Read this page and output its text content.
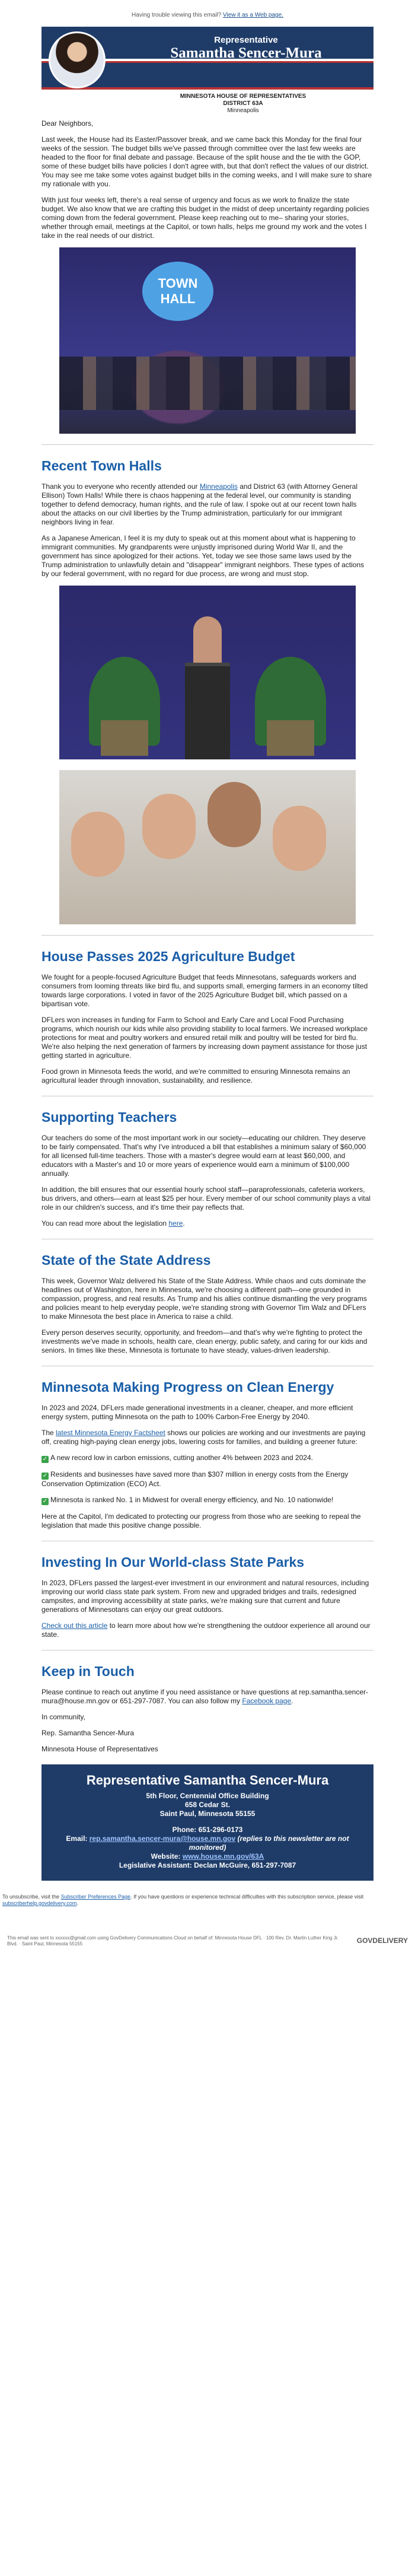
Having trouble viewing this email? View it as a Web page.
Representative
Samantha Sencer-Mura
MINNESOTA HOUSE OF REPRESENTATIVES
DISTRICT 63A
Minneapolis

Dear Neighbors,

Last week, the House had its Easter/Passover break, and we came back this Monday for the final four weeks of the session. The budget bills we've passed through committee over the last few weeks are headed to the floor for final debate and passage. Because of the split house and the tie with the GOP, some of these budget bills have policies I don't agree with, but that don't reflect the values of our district. You may see me take some votes against budget bills in the coming weeks, and I will make sure to share my rationale with you.

With just four weeks left, there's a real sense of urgency and focus as we work to finalize the state budget. We also know that we are crafting this budget in the midst of deep uncertainty regarding policies coming down from the federal government. Please keep reaching out to me– sharing your stories, whether through email, meetings at the Capitol, or town halls, helps me ground my work and the votes I take in the real needs of our district.

TOWN HALL
Recent Town Halls

Thank you to everyone who recently attended our Minneapolis and District 63 (with Attorney General Ellison) Town Halls! While there is chaos happening at the federal level, our community is standing together to defend democracy, human rights, and the rule of law. I spoke out at our recent town halls about the attacks on our civil liberties by the Trump administration, particularly for our immigrant neighbors living in fear.

As a Japanese American, I feel it is my duty to speak out at this moment about what is happening to immigrant communities. My grandparents were unjustly imprisoned during World War II, and the government has since apologized for their actions. Yet, today we see those same laws used by the Trump administration to unlawfully detain and "disappear" immigrant neighbors. These types of actions by our federal government, with no regard for due process, are wrong and must stop.

House Passes 2025 Agriculture Budget

We fought for a people-focused Agriculture Budget that feeds Minnesotans, safeguards workers and consumers from looming threats like bird flu, and supports small, emerging farmers in an economy tilted towards large corporations. I voted in favor of the 2025 Agriculture Budget bill, which passed on a bipartisan vote.

DFLers won increases in funding for Farm to School and Early Care and Local Food Purchasing programs, which nourish our kids while also providing stability to local farmers. We increased workplace protections for meat and poultry workers and ensured retail milk and poultry will be tested for bird flu. We're also helping the next generation of farmers by increasing down payment assistance for those just getting started in agriculture.

Food grown in Minnesota feeds the world, and we're committed to ensuring Minnesota remains an agricultural leader through innovation, sustainability, and resilience.

Supporting Teachers

Our teachers do some of the most important work in our society—educating our children. They deserve to be fairly compensated. That's why I've introduced a bill that establishes a minimum salary of $60,000 for all licensed full-time teachers. Those with a master's degree would earn at least $60,000, and educators with a Master's and 10 or more years of experience would earn a minimum of $100,000 annually.

In addition, the bill ensures that our essential hourly school staff—paraprofessionals, cafeteria workers, bus drivers, and others—earn at least $25 per hour. Every member of our school community plays a vital role in our children's success, and it's time their pay reflects that.

You can read more about the legislation here.

State of the State Address

This week, Governor Walz delivered his State of the State Address. While chaos and cuts dominate the headlines out of Washington, here in Minnesota, we're choosing a different path—one grounded in compassion, progress, and real results. As Trump and his allies continue dismantling the very programs and policies meant to help everyday people, we're standing strong with Governor Tim Walz and DFLers to make Minnesota the best place in America to raise a child.

Every person deserves security, opportunity, and freedom—and that's why we're fighting to protect the investments we've made in schools, health care, clean energy, public safety, and caring for our kids and seniors. In times like these, Minnesota is fortunate to have steady, values-driven leadership.

Minnesota Making Progress on Clean Energy

In 2023 and 2024, DFLers made generational investments in a cleaner, cheaper, and more efficient energy system, putting Minnesota on the path to 100% Carbon-Free Energy by 2040.

The latest Minnesota Energy Factsheet shows our policies are working and our investments are paying off, creating high-paying clean energy jobs, lowering costs for families, and building a greener future:

✓ A new record low in carbon emissions, cutting another 4% between 2023 and 2024.

✓ Residents and businesses have saved more than $307 million in energy costs from the Energy Conservation Optimization (ECO) Act.

✓ Minnesota is ranked No. 1 in Midwest for overall energy efficiency, and No. 10 nationwide!

Here at the Capitol, I'm dedicated to protecting our progress from those who are seeking to repeal the legislation that made this positive change possible.

Investing In Our World-class State Parks

In 2023, DFLers passed the largest-ever investment in our environment and natural resources, including improving our world class state park system. From new and upgraded bridges and trails, redesigned campsites, and improving accessibility at state parks, we're making sure that current and future generations of Minnesotans can enjoy our great outdoors.

Check out this article to learn more about how we're strengthening the outdoor experience all around our state.

Keep in Touch

Please continue to reach out anytime if you need assistance or have questions at rep.samantha.sencer-mura@house.mn.gov or 651-297-7087. You can also follow my Facebook page.

In community,

Rep. Samantha Sencer-Mura

Minnesota House of Representatives

Representative Samantha Sencer-Mura
5th Floor, Centennial Office Building
658 Cedar St.
Saint Paul, Minnesota 55155
Phone: 651-296-0173
Email: rep.samantha.sencer-mura@house.mn.gov (replies to this newsletter are not monitored)
Website: www.house.mn.gov/63A
Legislative Assistant: Declan McGuire, 651-297-7087
To unsubscribe, visit the Subscriber Preferences Page. If you have questions or experience technical difficulties with this subscription service, please visit subscriberhelp.govdelivery.com.
This email was sent to xxxxxx@gmail.com using GovDelivery Communications Cloud on behalf of: Minnesota House DFL · 100 Rev. Dr. Martin Luther King Jr. Blvd. · Saint Paul, Minnesota 55155	GOVDELIVERY
